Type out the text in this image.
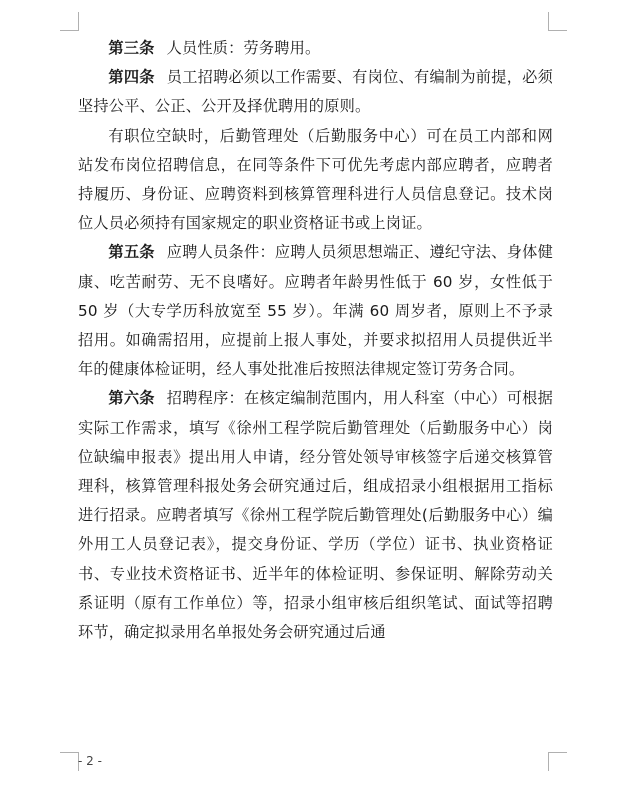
第三条 人员性质：劳务聘用。

第四条 员工招聘必须以工作需要、有岗位、有编制为前提，必须坚持公平、公正、公开及择优聘用的原则。

有职位空缺时，后勤管理处（后勤服务中心）可在员工内部和网站发布岗位招聘信息，在同等条件下可优先考虑内部应聘者，应聘者持履历、身份证、应聘资料到核算管理科进行人员信息登记。技术岗位人员必须持有国家规定的职业资格证书或上岗证。

第五条 应聘人员条件：应聘人员须思想端正、遵纪守法、身体健康、吃苦耐劳、无不良嗜好。应聘者年龄男性低于 60 岁，女性低于 50 岁（大专学历科放宽至 55 岁）。年满 60 周岁者，原则上不予录招用。如确需招用，应提前上报人事处，并要求拟招用人员提供近半年的健康体检证明，经人事处批准后按照法律规定签订劳务合同。

第六条 招聘程序：在核定编制范围内，用人科室（中心）可根据实际工作需求，填写《徐州工程学院后勤管理处（后勤服务中心）岗位缺编申报表》提出用人申请，经分管处领导审核签字后递交核算管理科，核算管理科报处务会研究通过后，组成招录小组根据用工指标进行招录。应聘者填写《徐州工程学院后勤管理处(后勤服务中心）编外用工人员登记表》，提交身份证、学历（学位）证书、执业资格证书、专业技术资格证书、近半年的体检证明、参保证明、解除劳动关系证明（原有工作单位）等，招录小组审核后组织笔试、面试等招聘环节，确定拟录用名单报处务会研究通过后通

- 2 -
